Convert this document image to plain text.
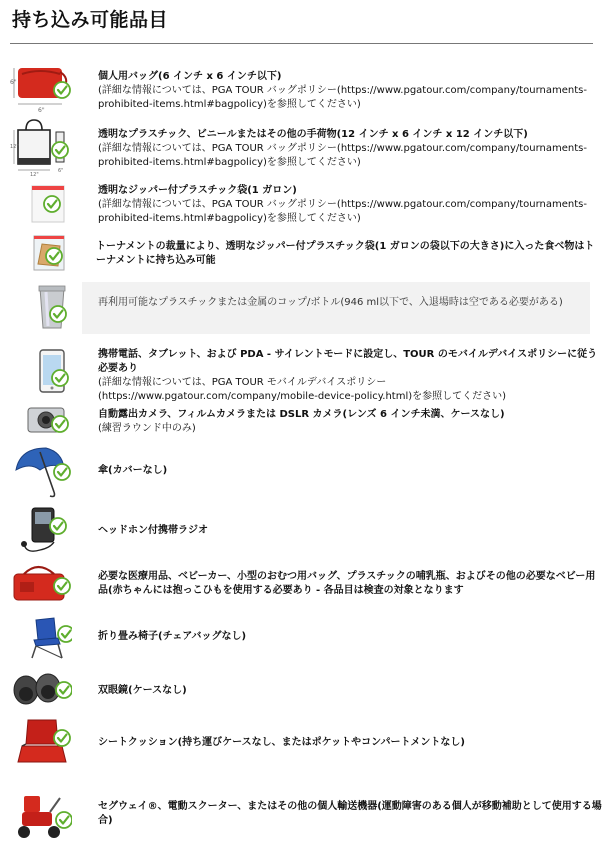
持ち込み可能品目
6"
6"
個人用バッグ(6 インチ x 6 インチ以下)
(詳細な情報については、PGA TOUR バッグポリシー(https://www.pgatour.com/company/tournaments-prohibited-items.html#bagpolicy)を参照してください)
12"
12"
6"
透明なプラスチック、ビニールまたはその他の手荷物(12 インチ x 6 インチ x 12 インチ以下)
(詳細な情報については、PGA TOUR バッグポリシー(https://www.pgatour.com/company/tournaments-prohibited-items.html#bagpolicy)を参照してください)
透明なジッパー付プラスチック袋(1 ガロン)
(詳細な情報については、PGA TOUR バッグポリシー(https://www.pgatour.com/company/tournaments-prohibited-items.html#bagpolicy)を参照してください)
トーナメントの裁量により、透明なジッパー付プラスチック袋(1 ガロンの袋以下の大きさ)に入った食べ物はトーナメントに持ち込み可能
再利用可能なプラスチックまたは金属のコップ/ボトル(946 ml以下で、入退場時は空である必要がある)
携帯電話、タブレット、および PDA - サイレントモードに設定し、TOUR のモバイルデバイスポリシーに従う必要あり
(詳細な情報については、PGA TOUR モバイルデバイスポリシー(https://www.pgatour.com/company/mobile-device-policy.html)を参照してください)
自動露出カメラ、フィルムカメラまたは DSLR カメラ(レンズ 6 インチ未満、ケースなし)
(練習ラウンド中のみ)
傘(カバーなし)
ヘッドホン付携帯ラジオ
必要な医療用品、ベビーカー、小型のおむつ用バッグ、プラスチックの哺乳瓶、およびその他の必要なベビー用品(赤ちゃんには抱っこひもを使用する必要あり - 各品目は検査の対象となります
折り畳み椅子(チェアバッグなし)
双眼鏡(ケースなし)
シートクッション(持ち運びケースなし、またはポケットやコンパートメントなし)
セグウェイ®、電動スクーター、またはその他の個人輸送機器(運動障害のある個人が移動補助として使用する場合)
